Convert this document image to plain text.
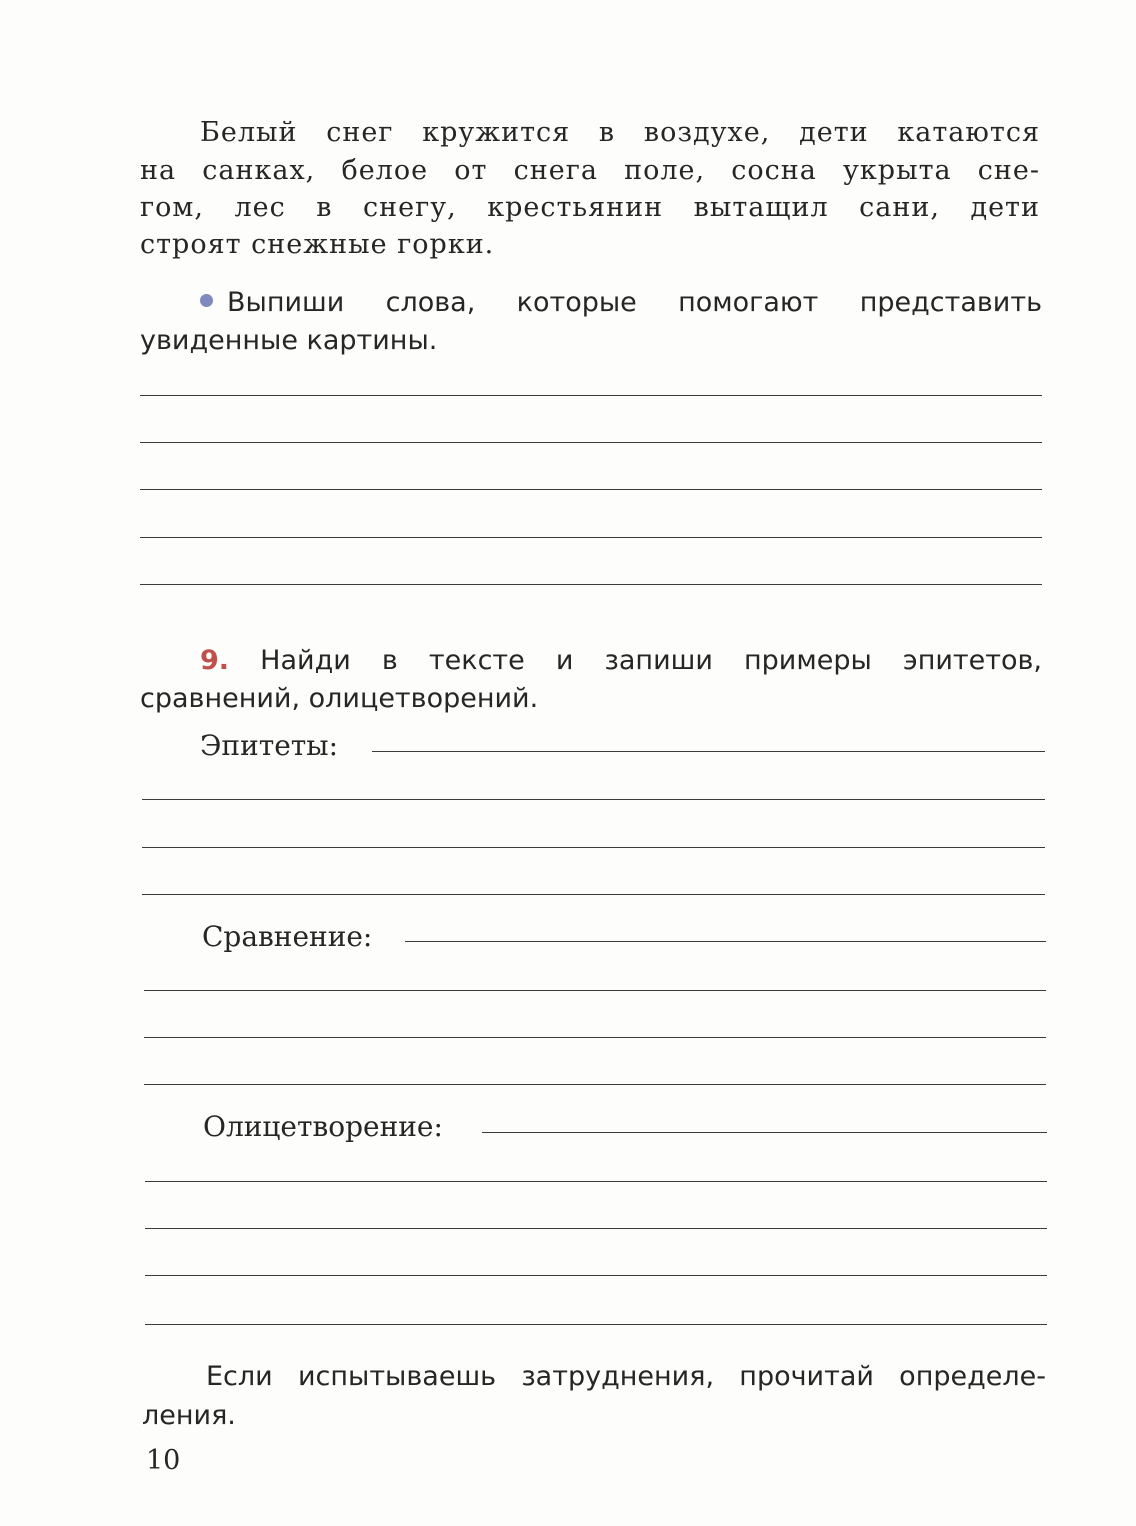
Белый снег кружится в воздухе, дети катаются
на санках, белое от снега поле, сосна укрыта сне-
гом, лес в снегу, крестьянин вытащил сани, дети
строят снежные горки.
Выпиши слова, которые помогают представить
увиденные картины.
9. Найди в тексте и запиши примеры эпитетов,
сравнений, олицетворений.
Эпитеты:
Сравнение:
Олицетворение:
Если испытываешь затруднения, прочитай определе-
ления.
10
